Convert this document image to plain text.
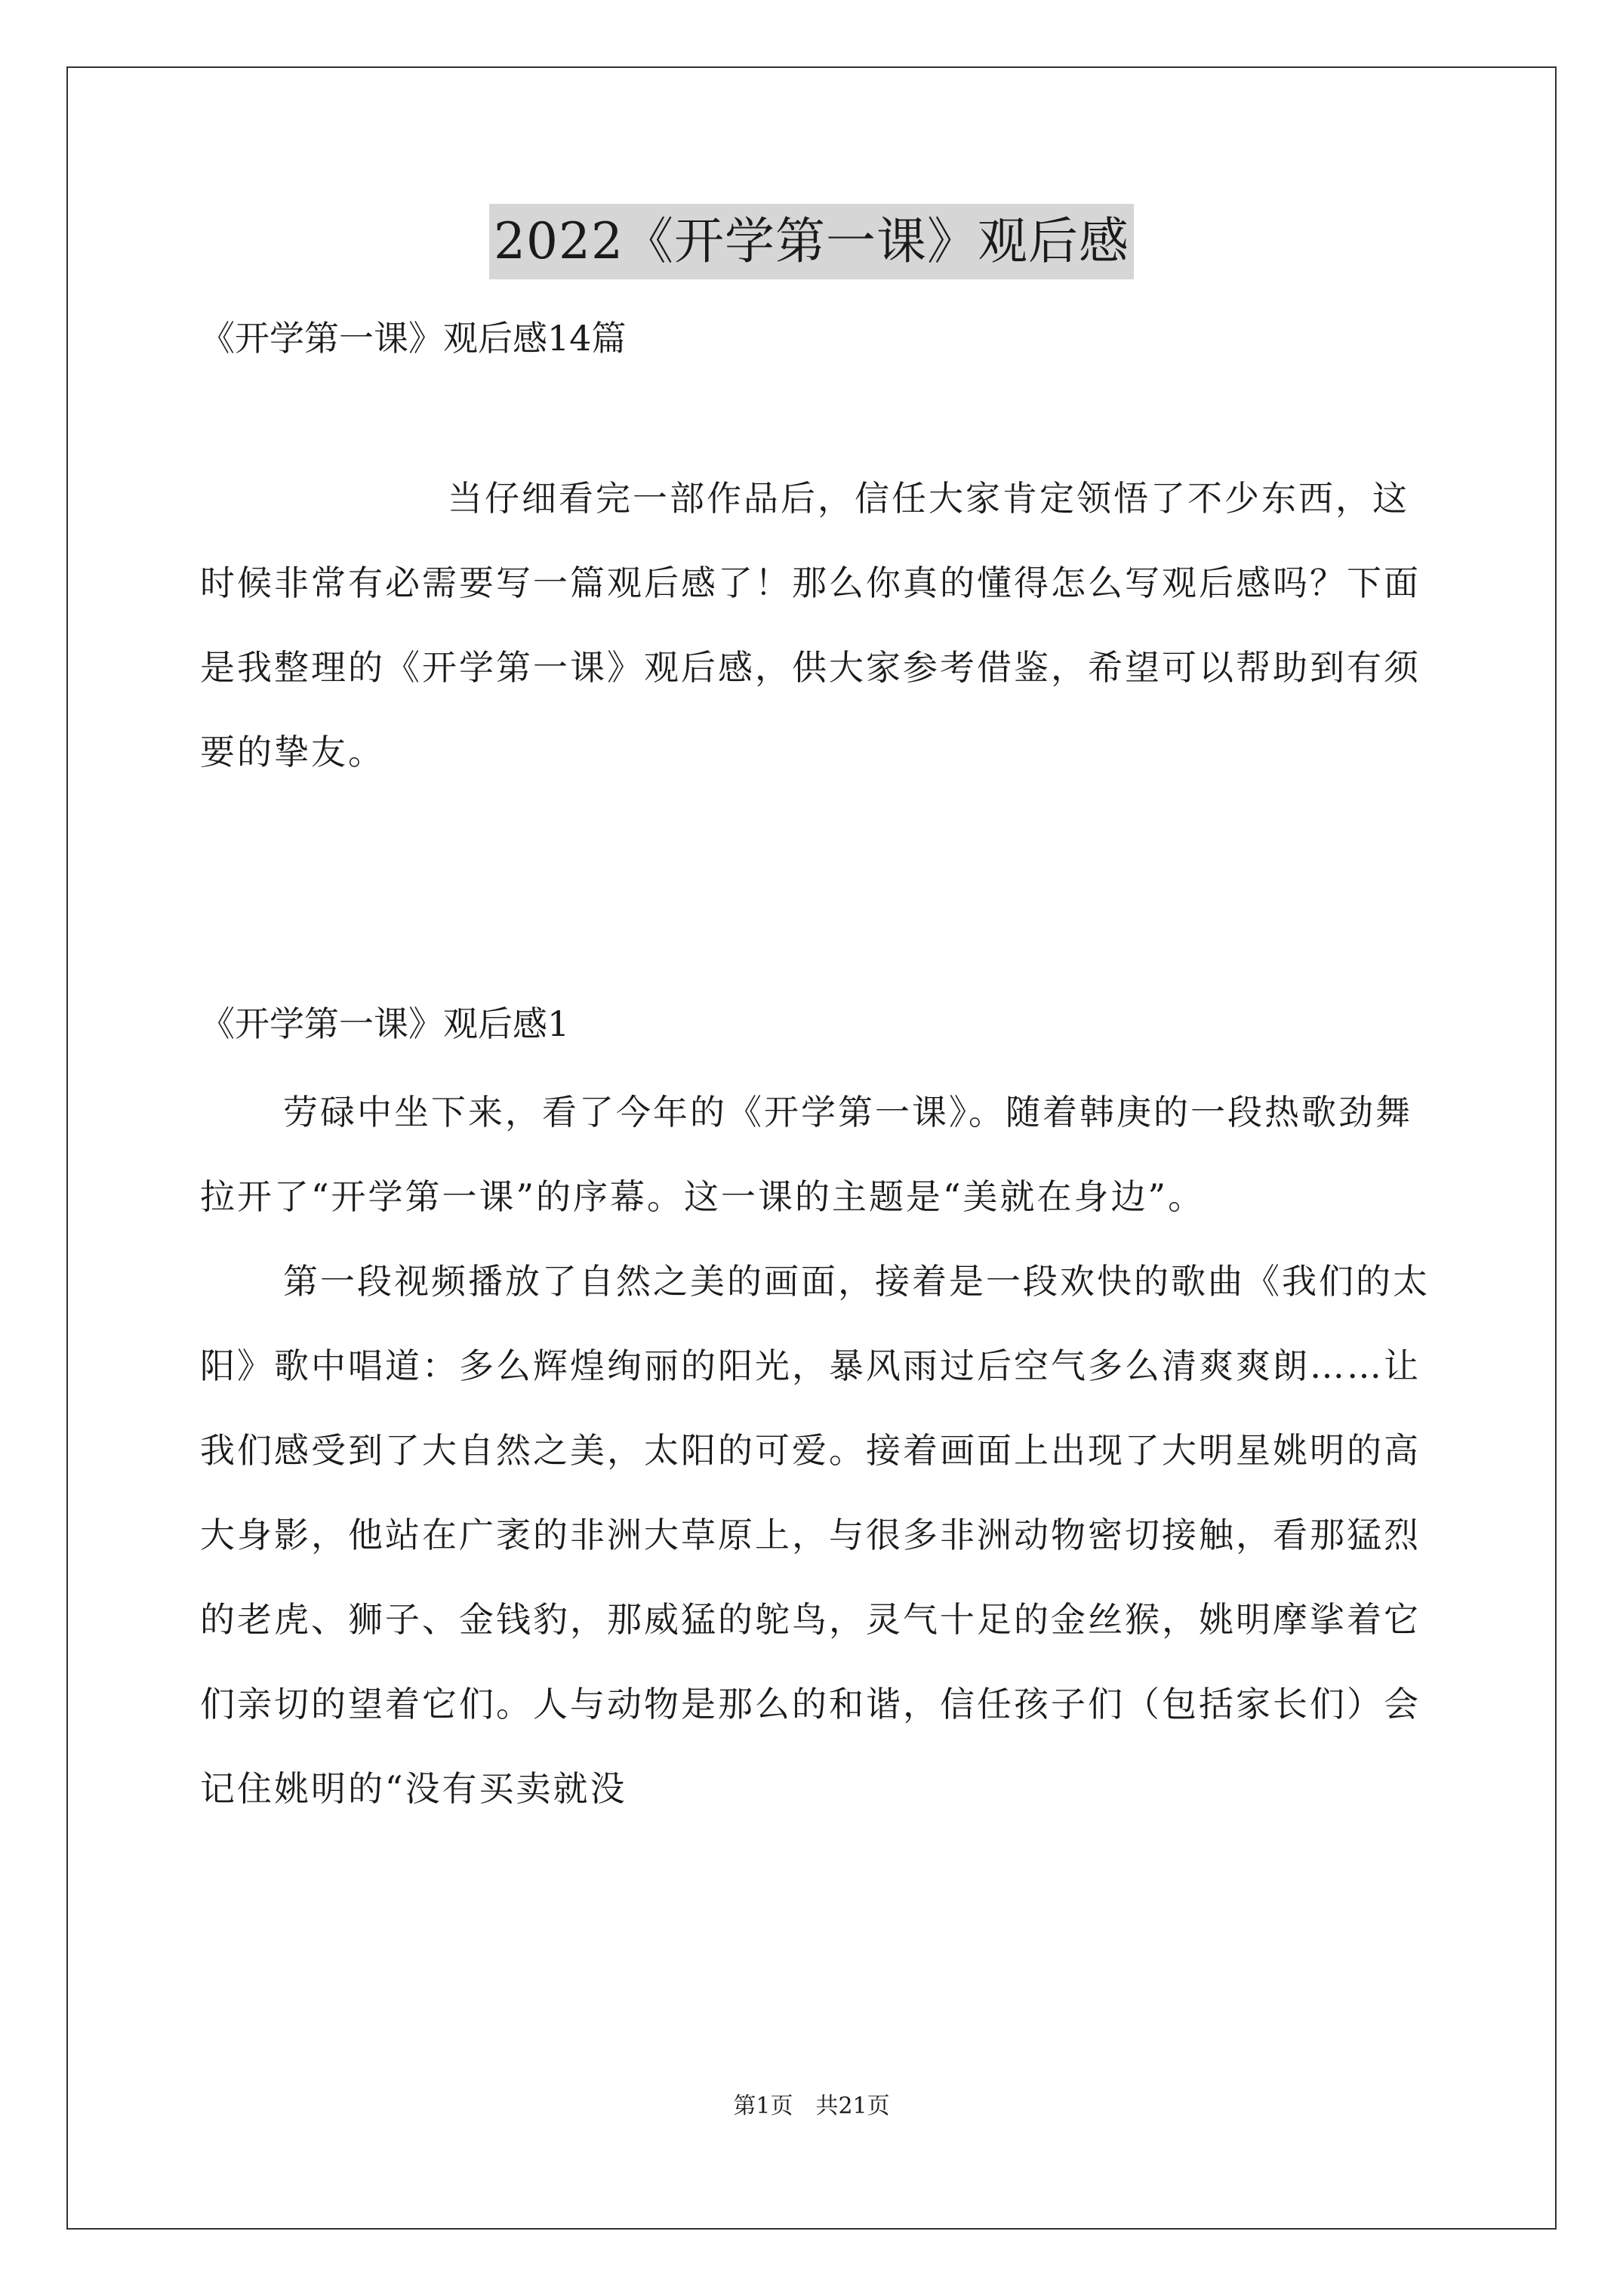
2022《开学第一课》观后感
《开学第一课》观后感14篇

当仔细看完一部作品后，信任大家肯定领悟了不少东西，这时候非常有必需要写一篇观后感了！那么你真的懂得怎么写观后感吗？下面是我整理的《开学第一课》观后感，供大家参考借鉴，希望可以帮助到有须要的挚友。

《开学第一课》观后感1

劳碌中坐下来，看了今年的《开学第一课》。随着韩庚的一段热歌劲舞拉开了“开学第一课”的序幕。这一课的主题是“美就在身边”。

第一段视频播放了自然之美的画面，接着是一段欢快的歌曲《我们的太阳》歌中唱道：多么辉煌绚丽的阳光，暴风雨过后空气多么清爽爽朗……让我们感受到了大自然之美，太阳的可爱。接着画面上出现了大明星姚明的高大身影，他站在广袤的非洲大草原上，与很多非洲动物密切接触，看那猛烈的老虎、狮子、金钱豹，那威猛的鸵鸟，灵气十足的金丝猴，姚明摩挲着它们亲切的望着它们。人与动物是那么的和谐，信任孩子们（包括家长们）会记住姚明的“没有买卖就没

第1页　共21页
